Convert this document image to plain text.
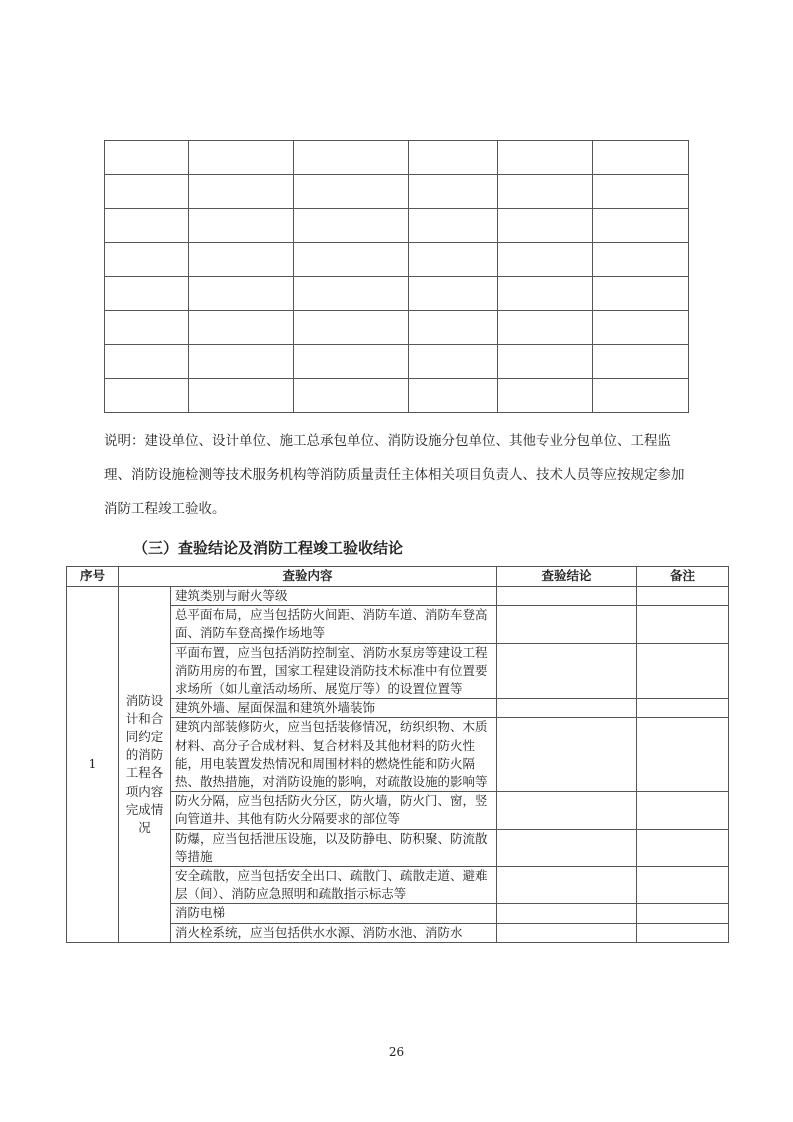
说明：建设单位、设计单位、施工总承包单位、消防设施分包单位、其他专业分包单位、工程监理、消防设施检测等技术服务机构等消防质量责任主体相关项目负责人、技术人员等应按规定参加消防工程竣工验收。
（三）查验结论及消防工程竣工验收结论
序号	查验内容		查验结论	备注
1	消防设计和合同约定的消防工程各项内容完成情况	建筑类别与耐火等级		
		总平面布局，应当包括防火间距、消防车道、消防车登高面、消防车登高操作场地等		
		平面布置，应当包括消防控制室、消防水泵房等建设工程消防用房的布置，国家工程建设消防技术标准中有位置要求场所（如儿童活动场所、展览厅等）的设置位置等		
		建筑外墙、屋面保温和建筑外墙装饰		
		建筑内部装修防火，应当包括装修情况，纺织织物、木质材料、高分子合成材料、复合材料及其他材料的防火性能，用电装置发热情况和周围材料的燃烧性能和防火隔热、散热措施，对消防设施的影响，对疏散设施的影响等		
		防火分隔，应当包括防火分区，防火墙，防火门、窗，竖向管道井、其他有防火分隔要求的部位等		
		防爆，应当包括泄压设施，以及防静电、防积聚、防流散等措施		
		安全疏散，应当包括安全出口、疏散门、疏散走道、避难层（间）、消防应急照明和疏散指示标志等		
		消防电梯		
		消火栓系统，应当包括供水水源、消防水池、消防水		
26
